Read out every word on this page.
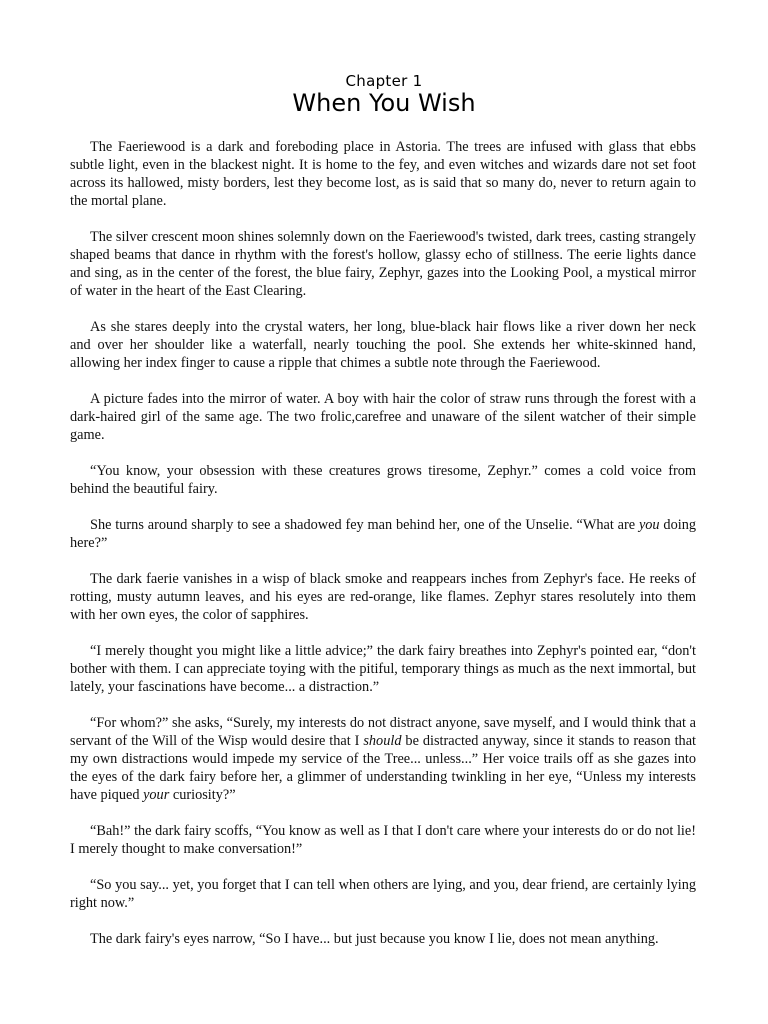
Chapter 1
When You Wish

The Faeriewood is a dark and foreboding place in Astoria. The trees are infused with glass that ebbs subtle light, even in the blackest night. It is home to the fey, and even witches and wizards dare not set foot across its hallowed, misty borders, lest they become lost, as is said that so many do, never to return again to the mortal plane.

The silver crescent moon shines solemnly down on the Faeriewood's twisted, dark trees, casting strangely shaped beams that dance in rhythm with the forest's hollow, glassy echo of stillness. The eerie lights dance and sing, as in the center of the forest, the blue fairy, Zephyr, gazes into the Looking Pool, a mystical mirror of water in the heart of the East Clearing.

As she stares deeply into the crystal waters, her long, blue-black hair flows like a river down her neck and over her shoulder like a waterfall, nearly touching the pool. She extends her white-skinned hand, allowing her index finger to cause a ripple that chimes a subtle note through the Faeriewood.

A picture fades into the mirror of water. A boy with hair the color of straw runs through the forest with a dark-haired girl of the same age. The two frolic,carefree and unaware of the silent watcher of their simple game.

“You know, your obsession with these creatures grows tiresome, Zephyr.” comes a cold voice from behind the beautiful fairy.

She turns around sharply to see a shadowed fey man behind her, one of the Unselie. “What are you doing here?”

The dark faerie vanishes in a wisp of black smoke and reappears inches from Zephyr's face. He reeks of rotting, musty autumn leaves, and his eyes are red-orange, like flames. Zephyr stares resolutely into them with her own eyes, the color of sapphires.

“I merely thought you might like a little advice;” the dark fairy breathes into Zephyr's pointed ear, “don't bother with them. I can appreciate toying with the pitiful, temporary things as much as the next immortal, but lately, your fascinations have become... a distraction.”

“For whom?” she asks, “Surely, my interests do not distract anyone, save myself, and I would think that a servant of the Will of the Wisp would desire that I should be distracted anyway, since it stands to reason that my own distractions would impede my service of the Tree... unless...” Her voice trails off as she gazes into the eyes of the dark fairy before her, a glimmer of understanding twinkling in her eye, “Unless my interests have piqued your curiosity?”

“Bah!” the dark fairy scoffs, “You know as well as I that I don't care where your interests do or do not lie! I merely thought to make conversation!”

“So you say... yet, you forget that I can tell when others are lying, and you, dear friend, are certainly lying right now.”

The dark fairy's eyes narrow, “So I have... but just because you know I lie, does not mean anything.
